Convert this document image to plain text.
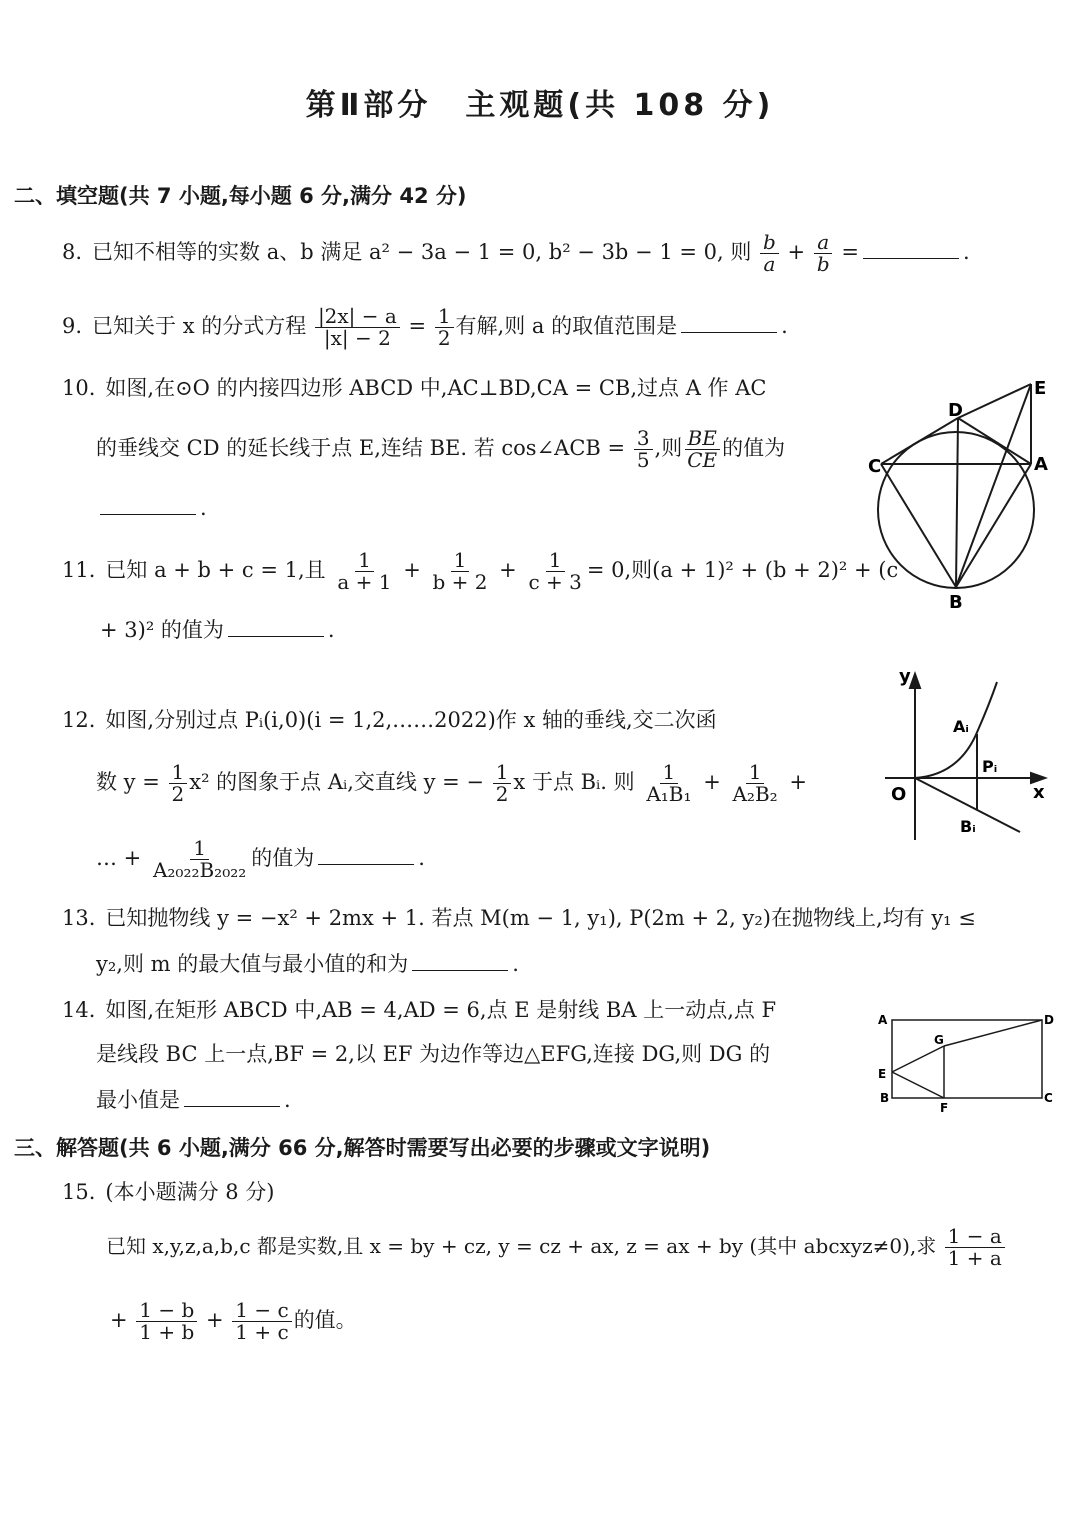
第Ⅱ部分　主观题(共 108 分)
二、填空题(共 7 小题,每小题 6 分,满分 42 分)
8. 已知不相等的实数 a、b 满足 a² − 3a − 1 = 0, b² − 3b − 1 = 0, 则 $\frac{b}{a} + \frac{a}{b}$ =	.
9. 已知关于 x 的分式方程 $\frac{|2x| - a}{|x| - 2} = \frac{1}{2}$ 有解,则 a 的取值范围是	.
10. 如图,在⊙O 的内接四边形 ABCD 中,AC⊥BD,CA = CB,过点 A 作 AC
的垂线交 CD 的延长线于点 E,连结 BE. 若 cos∠ACB = $\frac{3}{5}$ ,则 $\frac{BE}{CE}$ 的值为
.
C
D
E
A
B
11. 已知 a + b + c = 1,且 $\frac{1}{a + 1} + \frac{1}{b + 2} + \frac{1}{c + 3} = 0$,则(a + 1)² + (b + 2)² + (c
+ 3)² 的值为	.
12. 如图,分别过点 Pᵢ(i,0)(i = 1,2,……2022)作 x 轴的垂线,交二次函
数 $y = \frac{1}{2} x^2$ 的图象于点 Aᵢ,交直线 y = − $\frac{1}{2}$ x 于点 Bᵢ. 则 $\frac{1}{\text{A₁B₁}} + \frac{1}{\text{A₂B₂}}$ +
… + $\frac{1}{\text{A₂₀₂₂B₂₀₂₂}}$ 的值为	.
y
x
O
Aᵢ
Pᵢ
Bᵢ
13. 已知抛物线 y = −x² + 2mx + 1. 若点 M(m − 1, y₁), P(2m + 2, y₂)在抛物线上,均有 y₁ ≤
y₂,则 m 的最大值与最小值的和为	.
14. 如图,在矩形 ABCD 中,AB = 4,AD = 6,点 E 是射线 BA 上一动点,点 F
是线段 BC 上一点,BF = 2,以 EF 为边作等边△EFG,连接 DG,则 DG 的
最小值是	.
A	D
G
E
B
F
C
三、解答题(共 6 小题,满分 66 分,解答时需要写出必要的步骤或文字说明)
15. (本小题满分 8 分)
已知 x,y,z,a,b,c 都是实数,且 x = by + cz, y = cz + ax, z = ax + by (其中 abcxyz≠0),求 $\frac{1 - a}{1 + a}$
+ $\frac{1 - b}{1 + b} + \frac{1 - c}{1 + c}$ 的值。
